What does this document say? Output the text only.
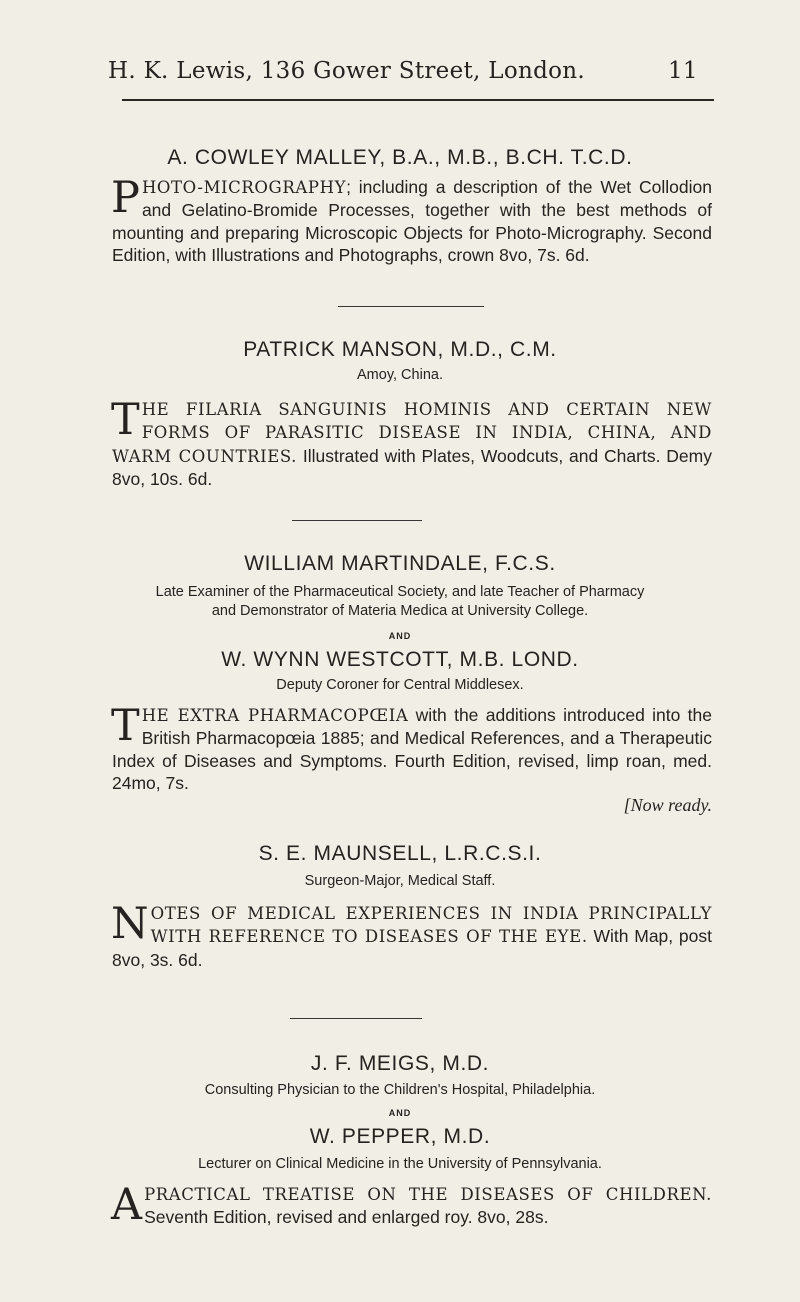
H. K. Lewis, 136 Gower Street, London.	11
A. COWLEY MALLEY, B.A., M.B., B.CH. T.C.D.

PHOTO-MICROGRAPHY; including a description of the Wet Collodion and Gelatino-Bromide Processes, together with the best methods of mounting and preparing Microscopic Objects for Photo-Micrography. Second Edition, with Illustrations and Photographs, crown 8vo, 7s. 6d.

PATRICK MANSON, M.D., C.M.
Amoy, China.

THE FILARIA SANGUINIS HOMINIS AND CERTAIN NEW FORMS OF PARASITIC DISEASE IN INDIA, CHINA, AND WARM COUNTRIES. Illustrated with Plates, Woodcuts, and Charts. Demy 8vo, 10s. 6d.

WILLIAM MARTINDALE, F.C.S.
Late Examiner of the Pharmaceutical Society, and late Teacher of Pharmacy
and Demonstrator of Materia Medica at University College.
AND
W. WYNN WESTCOTT, M.B. LOND.
Deputy Coroner for Central Middlesex.

THE EXTRA PHARMACOPŒIA with the additions introduced into the British Pharmacopœia 1885; and Medical References, and a Therapeutic Index of Diseases and Symptoms. Fourth Edition, revised, limp roan, med. 24mo, 7s.

[Now ready.
S. E. MAUNSELL, L.R.C.S.I.
Surgeon-Major, Medical Staff.

NOTES OF MEDICAL EXPERIENCES IN INDIA PRINCIPALLY WITH REFERENCE TO DISEASES OF THE EYE. With Map, post 8vo, 3s. 6d.

J. F. MEIGS, M.D.
Consulting Physician to the Children's Hospital, Philadelphia.
AND
W. PEPPER, M.D.
Lecturer on Clinical Medicine in the University of Pennsylvania.

A PRACTICAL TREATISE ON THE DISEASES OF CHILDREN. Seventh Edition, revised and enlarged roy. 8vo, 28s.
